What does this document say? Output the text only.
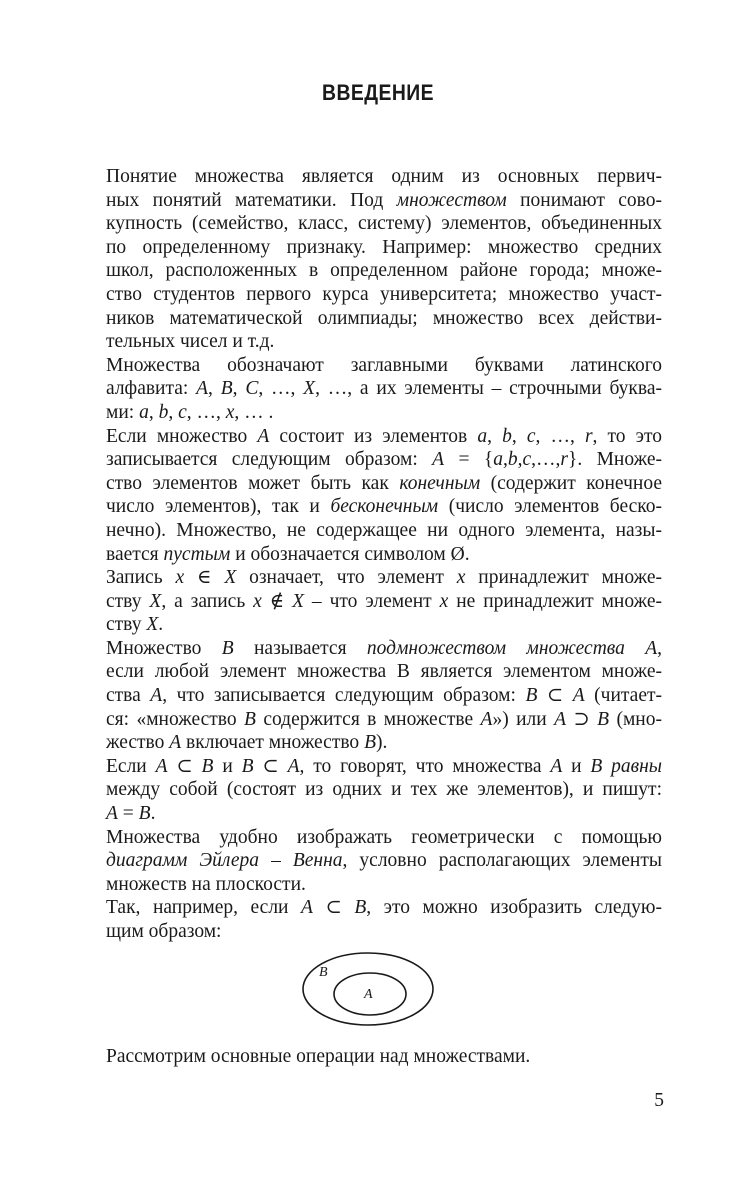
ВВЕДЕНИЕ
Понятие множества является одним из основных первич-
ных понятий математики. Под множеством понимают сово-
купность (семейство, класс, систему) элементов, объединенных
по определенному признаку. Например: множество средних
школ, расположенных в определенном районе города; множе-
ство студентов первого курса университета; множество участ-
ников математической олимпиады; множество всех действи-
тельных чисел и т.д.
Множества обозначают заглавными буквами латинского
алфавита: A, B, C, …, X, …, а их элементы – строчными буква-
ми: a, b, c, …, x, … .
Если множество A состоит из элементов a, b, c, …, r, то это
записывается следующим образом: A = {a,b,c,…,r}. Множе-
ство элементов может быть как конечным (содержит конечное
число элементов), так и бесконечным (число элементов беско-
нечно). Множество, не содержащее ни одного элемента, назы-
вается пустым и обозначается символом Ø.
Запись x ∈ X означает, что элемент x принадлежит множе-
ству X, а запись x ∉ X – что элемент x не принадлежит множе-
ству X.
Множество B называется подмножеством множества A,
если любой элемент множества B является элементом множе-
ства A, что записывается следующим образом: B ⊂ A (читает-
ся: «множество B содержится в множестве A») или A ⊃ B (мно-
жество A включает множество B).
Если A ⊂ B и B ⊂ A, то говорят, что множества A и B равны
между собой (состоят из одних и тех же элементов), и пишут:
A = B.
Множества удобно изображать геометрически с помощью
диаграмм Эйлера – Венна, условно располагающих элементы
множеств на плоскости.
Так, например, если A ⊂ B, это можно изобразить следую-
щим образом:
B
A
Рассмотрим основные операции над множествами.
5
